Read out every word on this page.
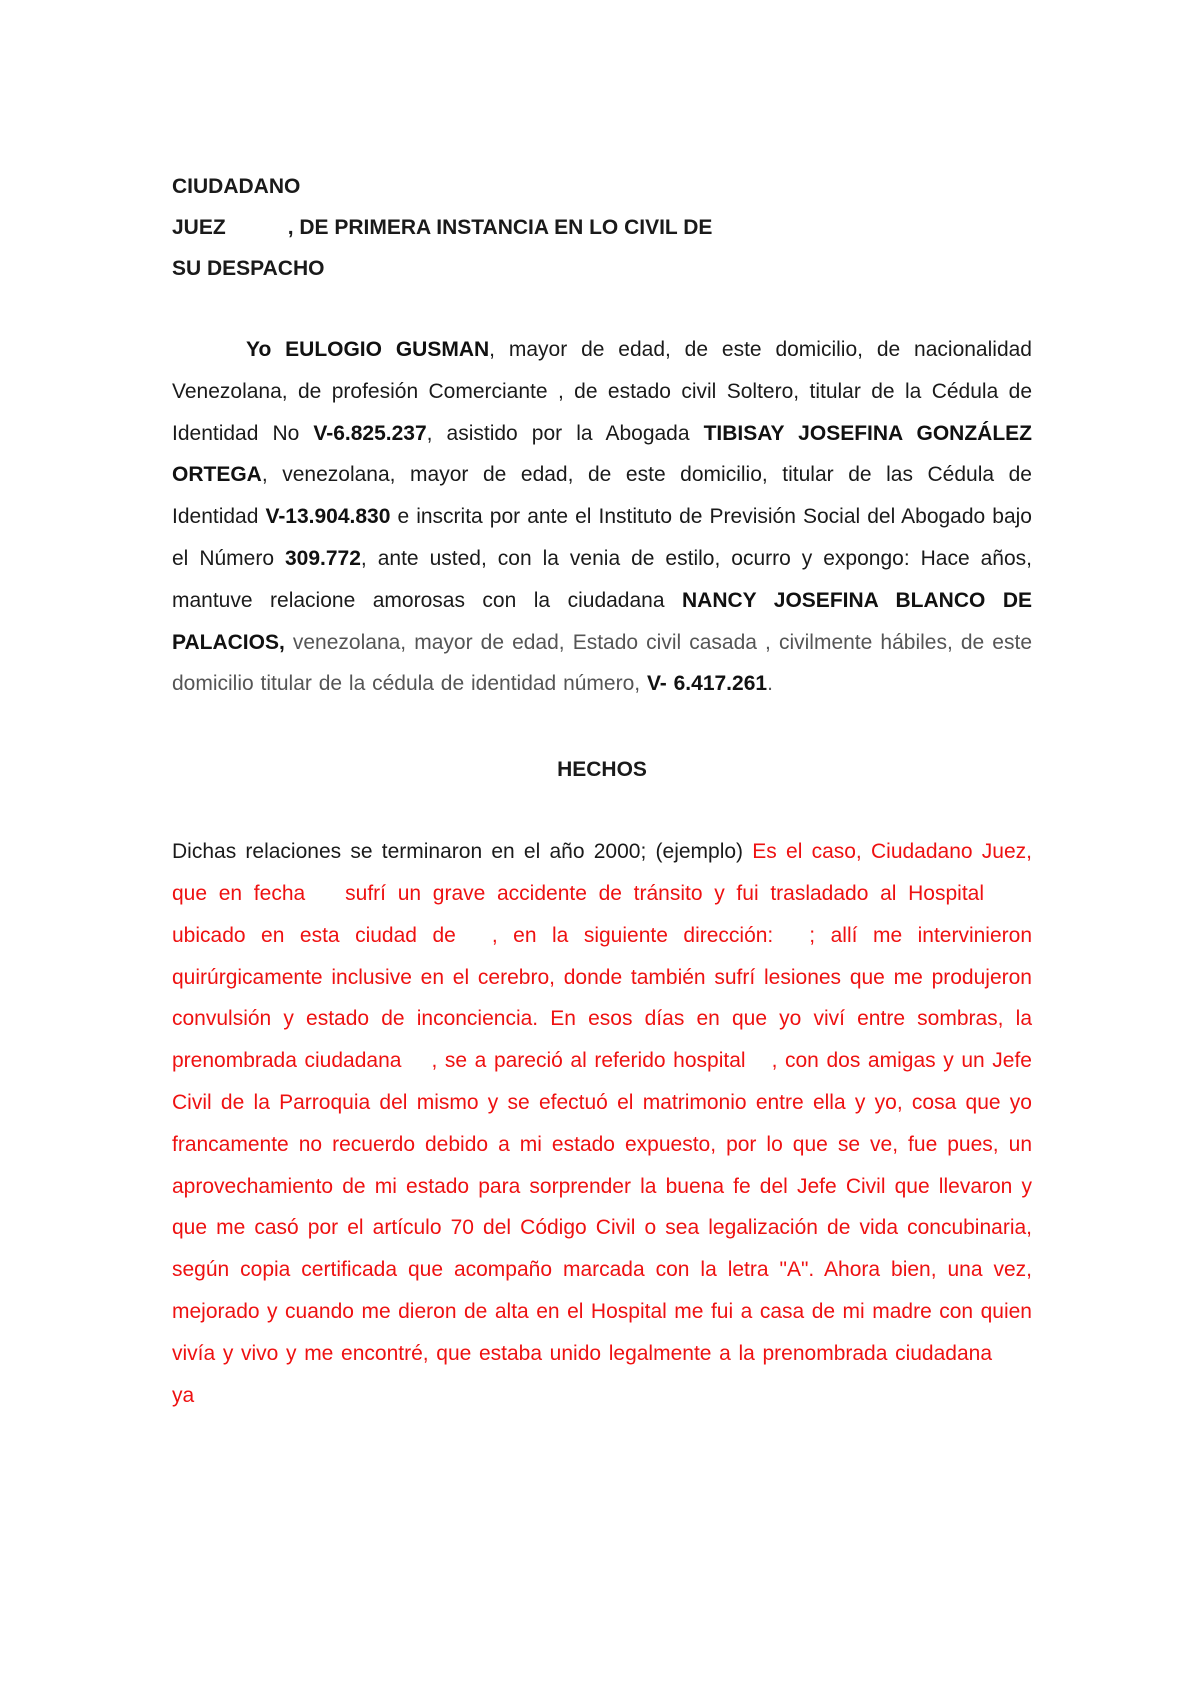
CIUDADANO
JUEZ	, DE PRIMERA INSTANCIA EN LO CIVIL DE
SU DESPACHO

Yo EULOGIO GUSMAN, mayor de edad, de este domicilio, de nacionalidad Venezolana, de profesión Comerciante , de estado civil Soltero, titular de la Cédula de Identidad No V-6.825.237, asistido por la Abogada TIBISAY JOSEFINA GONZÁLEZ ORTEGA, venezolana, mayor de edad, de este domicilio, titular de las Cédula de Identidad V-13.904.830 e inscrita por ante el Instituto de Previsión Social del Abogado bajo el Número 309.772, ante usted, con la venia de estilo, ocurro y expongo: Hace años, mantuve relacione amorosas con la ciudadana NANCY JOSEFINA BLANCO DE PALACIOS, venezolana, mayor de edad, Estado civil casada , civilmente hábiles, de este domicilio titular de la cédula de identidad número, V- 6.417.261.

HECHOS

Dichas relaciones se terminaron en el año 2000; (ejemplo) Es el caso, Ciudadano Juez, que en fecha sufrí un grave accidente de tránsito y fui trasladado al Hospitalubicado en esta ciudad de , en la siguiente dirección: ; allí me intervinieron quirúrgicamente inclusive en el cerebro, donde también sufrí lesiones que me produjeron convulsión y estado de inconciencia. En esos días en que yo viví entre sombras, la prenombrada ciudadana , se a pareció al referido hospital , con dos amigas y un Jefe Civil de la Parroquia del mismo y se efectuó el matrimonio entre ella y yo, cosa que yo francamente no recuerdo debido a mi estado expuesto, por lo que se ve, fue pues, un aprovechamiento de mi estado para sorprender la buena fe del Jefe Civil que llevaron y que me casó por el artículo 70 del Código Civil o sea legalización de vida concubinaria, según copia certificada que acompaño marcada con la letra "A". Ahora bien, una vez, mejorado y cuando me dieron de alta en el Hospital me fui a casa de mi madre con quien vivía y vivo y me encontré, que estaba unido legalmente a la prenombrada ciudadanaya
